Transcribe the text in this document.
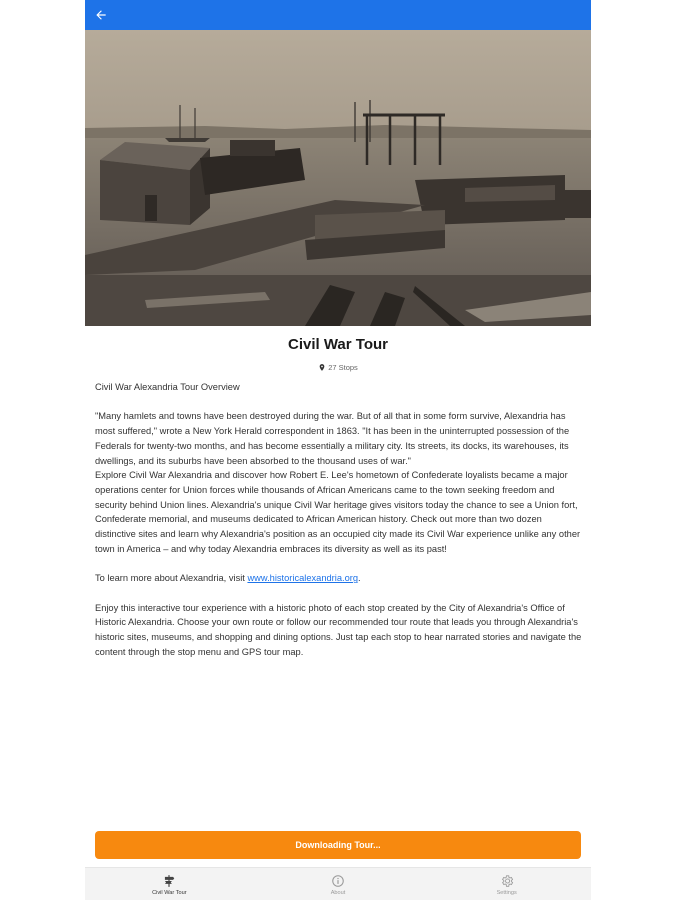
Civil War Tour
27 Stops

Civil War Alexandria Tour Overview

"Many hamlets and towns have been destroyed during the war. But of all that in some form survive, Alexandria has most suffered," wrote a New York Herald correspondent in 1863. "It has been in the uninterrupted possession of the Federals for twenty-two months, and has become essentially a military city. Its streets, its docks, its warehouses, its dwellings, and its suburbs have been absorbed to the thousand uses of war."

Explore Civil War Alexandria and discover how Robert E. Lee's hometown of Confederate loyalists became a major operations center for Union forces while thousands of African Americans came to the town seeking freedom and security behind Union lines. Alexandria's unique Civil War heritage gives visitors today the chance to see a Union fort, Confederate memorial, and museums dedicated to African American history. Check out more than two dozen distinctive sites and learn why Alexandria's position as an occupied city made its Civil War experience unlike any other town in America – and why today Alexandria embraces its diversity as well as its past!

To learn more about Alexandria, visit www.historicalexandria.org.

Enjoy this interactive tour experience with a historic photo of each stop created by the City of Alexandria's Office of Historic Alexandria. Choose your own route or follow our recommended tour route that leads you through Alexandria's historic sites, museums, and shopping and dining options. Just tap each stop to hear narrated stories and navigate the content through the stop menu and GPS tour map.

Downloading Tour...
Civil War Tour	About	Settings
